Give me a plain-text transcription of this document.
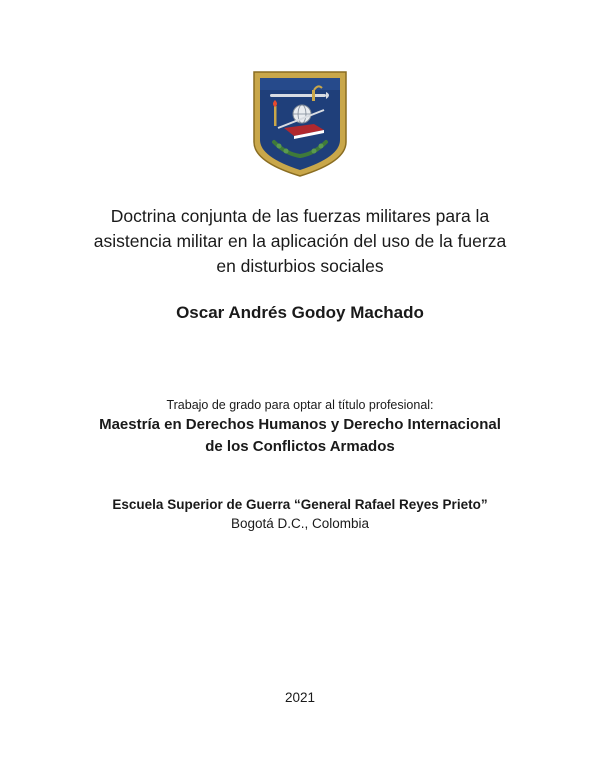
Doctrina conjunta de las fuerzas militares para la
asistencia militar en la aplicación del uso de la fuerza
en disturbios sociales
Oscar Andrés Godoy Machado
Trabajo de grado para optar al título profesional:
Maestría en Derechos Humanos y Derecho Internacional
de los Conflictos Armados
Escuela Superior de Guerra “General Rafael Reyes Prieto”
Bogotá D.C., Colombia
2021
